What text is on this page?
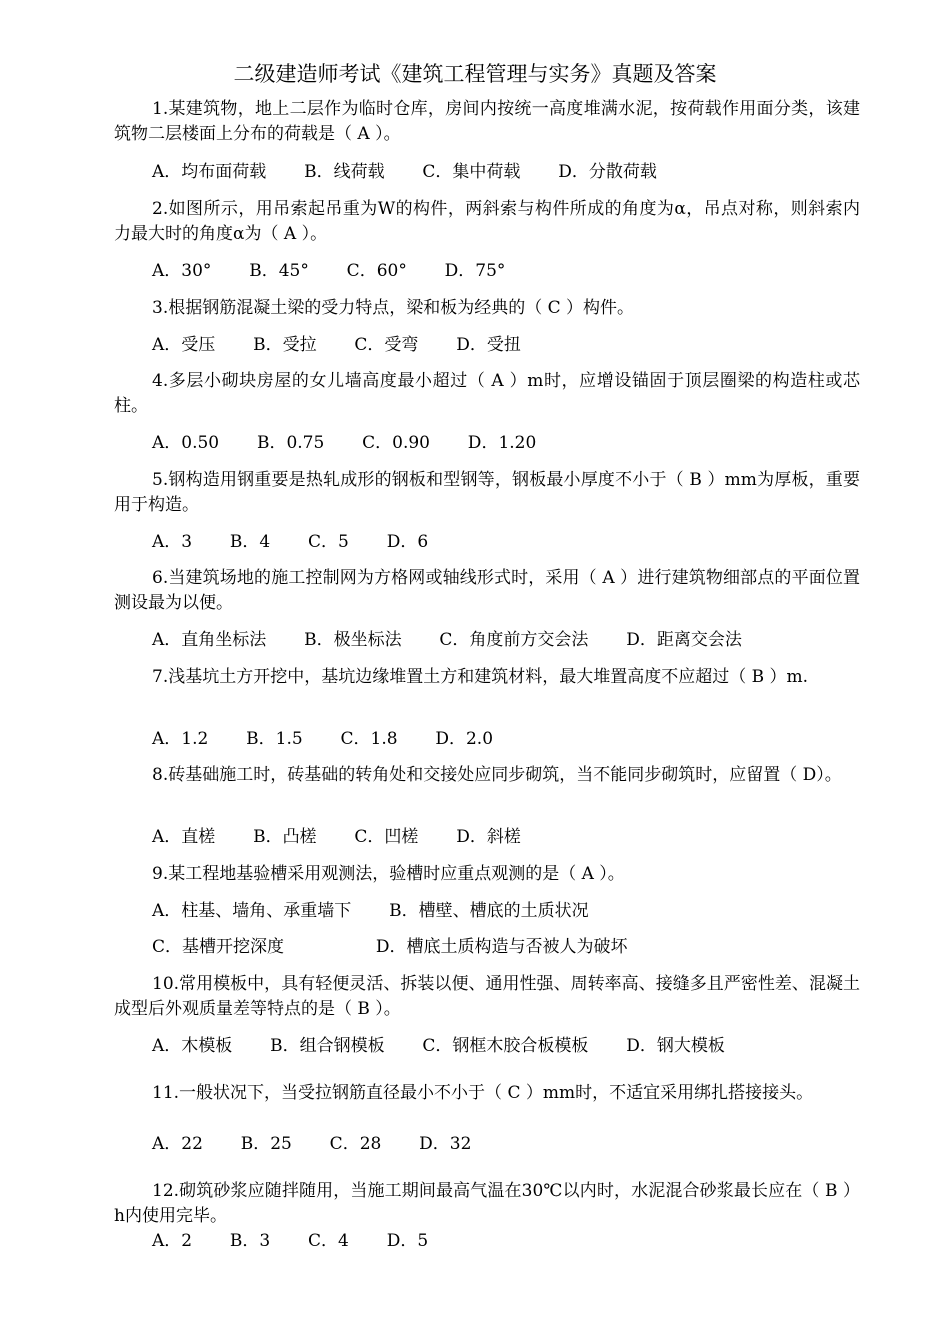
二级建造师考试《建筑工程管理与实务》真题及答案
1.某建筑物，地上二层作为临时仓库，房间内按统一高度堆满水泥，按荷载作用面分类，该建筑物二层楼面上分布的荷载是（ A ）。
A．均布面荷载       B．线荷载       C．集中荷载       D．分散荷载
2.如图所示，用吊索起吊重为W的构件，两斜索与构件所成的角度为α，吊点对称，则斜索内力最大时的角度α为（ A ）。
A．30°       B．45°       C．60°       D．75°
3.根据钢筋混凝土梁的受力特点，梁和板为经典的（ C ）构件。
A．受压       B．受拉       C．受弯       D．受扭
4.多层小砌块房屋的女儿墙高度最小超过（ A ）m时，应增设锚固于顶层圈梁的构造柱或芯柱。
A．0.50       B．0.75       C．0.90       D．1.20
5.钢构造用钢重要是热轧成形的钢板和型钢等，钢板最小厚度不小于（ B ）mm为厚板，重要用于构造。
A．3       B．4       C．5       D．6
6.当建筑场地的施工控制网为方格网或轴线形式时，采用（ A ）进行建筑物细部点的平面位置测设最为以便。
A．直角坐标法       B．极坐标法       C．角度前方交会法       D．距离交会法
7.浅基坑土方开挖中，基坑边缘堆置土方和建筑材料，最大堆置高度不应超过（ B ）m.
A．1.2       B．1.5       C．1.8       D．2.0
8.砖基础施工时，砖基础的转角处和交接处应同步砌筑，当不能同步砌筑时，应留置（ D）。
A．直槎       B．凸槎       C．凹槎       D．斜槎
9.某工程地基验槽采用观测法，验槽时应重点观测的是（ A ）。
A．柱基、墙角、承重墙下       B．槽壁、槽底的土质状况
C．基槽开挖深度                 D．槽底土质构造与否被人为破坏
10.常用模板中，具有轻便灵活、拆装以便、通用性强、周转率高、接缝多且严密性差、混凝土成型后外观质量差等特点的是（ B ）。
A．木模板       B．组合钢模板       C．钢框木胶合板模板       D．钢大模板
11.一般状况下，当受拉钢筋直径最小不小于（ C ）mm时，不适宜采用绑扎搭接接头。
A．22       B．25       C．28       D．32
12.砌筑砂浆应随拌随用，当施工期间最高气温在30℃以内时，水泥混合砂浆最长应在（ B ）h内使用完毕。
A．2       B．3       C．4       D．5
